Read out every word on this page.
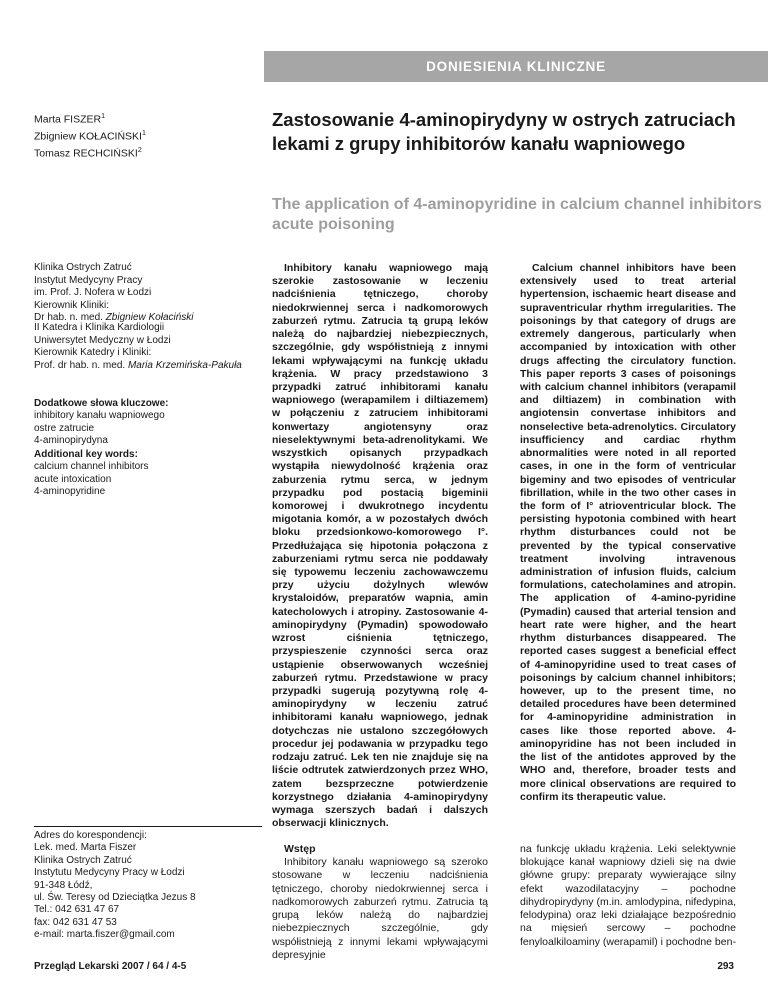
DONIESIENIA KLINICZNE
Marta FISZER$^1$
Zbigniew KOŁACIŃSKI$^1$
Tomasz RECHCIŃSKI$^2$
Zastosowanie 4-aminopirydyny w ostrych zatruciach lekami z grupy inhibitorów kanału wapniowego
The application of 4-aminopyridine in calcium channel inhibitors acute poisoning
Klinika Ostrych Zatruć
Instytut Medycyny Pracy
im. Prof. J. Nofera w Łodzi
Kierownik Kliniki:
Dr hab. n. med. Zbigniew Kołaciński
II Katedra i Klinika Kardiologii
Uniwersytet Medyczny w Łodzi
Kierownik Katedry i Kliniki:
Prof. dr hab. n. med. Maria Krzemińska-Pakuła
Dodatkowe słowa kluczowe:
inhibitory kanału wapniowego
ostre zatrucie
4-aminopirydyna
Additional key words:
calcium channel inhibitors
acute intoxication
4-aminopyridine

Inhibitory kanału wapniowego mają szerokie zastosowanie w leczeniu nadciśnienia tętniczego, choroby niedokrwiennej serca i nadkomorowych zaburzeń rytmu. Zatrucia tą grupą leków należą do najbardziej niebezpiecznych, szczególnie, gdy współistnieją z innymi lekami wpływającymi na funkcję układu krążenia. W pracy przedstawiono 3 przypadki zatruć inhibitorami kanału wapniowego (werapamilem i diltiazemem) w połączeniu z zatruciem inhibitorami konwertazy angiotensyny oraz nieselektywnymi beta-adrenolitykami. We wszystkich opisanych przypadkach wystąpiła niewydolność krążenia oraz zaburzenia rytmu serca, w jednym przypadku pod postacią bigeminii komorowej i dwukrotnego incydentu migotania komór, a w pozostałych dwóch bloku przedsionkowo-komorowego I°. Przedłużająca się hipotonia połączona z zaburzeniami rytmu serca nie poddawały się typowemu leczeniu zachowawczemu przy użyciu dożylnych wlewów krystaloidów, preparatów wapnia, amin katecholowych i atropiny. Zastosowanie 4-aminopirydyny (Pymadin) spowodowało wzrost ciśnienia tętniczego, przyspieszenie czynności serca oraz ustąpienie obserwowanych wcześniej zaburzeń rytmu. Przedstawione w pracy przypadki sugerują pozytywną rolę 4-aminopirydyny w leczeniu zatruć inhibitorami kanału wapniowego, jednak dotychczas nie ustalono szczegółowych procedur jej podawania w przypadku tego rodzaju zatruć. Lek ten nie znajduje się na liście odtrutek zatwierdzonych przez WHO, zatem bezsprzeczne potwierdzenie korzystnego działania 4-aminopirydyny wymaga szerszych badań i dalszych obserwacji klinicznych.

Calcium channel inhibitors have been extensively used to treat arterial hypertension, ischaemic heart disease and supraventricular rhythm irregularities. The poisonings by that category of drugs are extremely dangerous, particularly when accompanied by intoxication with other drugs affecting the circulatory function. This paper reports 3 cases of poisonings with calcium channel inhibitors (verapamil and diltiazem) in combination with angiotensin convertase inhibitors and nonselective beta-adrenolytics. Circulatory insufficiency and cardiac rhythm abnormalities were noted in all reported cases, in one in the form of ventricular bigeminy and two episodes of ventricular fibrillation, while in the two other cases in the form of I° atrioventricular block. The persisting hypotonia combined with heart rhythm disturbances could not be prevented by the typical conservative treatment involving intravenous administration of infusion fluids, calcium formulations, catecholamines and atropin. The application of 4-amino-pyridine (Pymadin) caused that arterial tension and heart rate were higher, and the heart rhythm disturbances disappeared. The reported cases suggest a beneficial effect of 4-aminopyridine used to treat cases of poisonings by calcium channel inhibitors; however, up to the present time, no detailed procedures have been determined for 4-aminopyridine administration in cases like those reported above. 4-aminopyridine has not been included in the list of the antidotes approved by the WHO and, therefore, broader tests and more clinical observations are required to confirm its therapeutic value.

Adres do korespondencji:
Lek. med. Marta Fiszer
Klinika Ostrych Zatruć
Instytutu Medycyny Pracy w Łodzi
91-348 Łódź,
ul. Św. Teresy od Dzieciątka Jezus 8
Tel.: 042 631 47 67
fax: 042 631 47 53
e-mail: marta.fiszer@gmail.com
Wstęp
Inhibitory kanału wapniowego są szeroko stosowane w leczeniu nadciśnienia tętniczego, choroby niedokrwiennej serca i nadkomorowych zaburzeń rytmu. Zatrucia tą grupą leków należą do najbardziej niebezpiecznych szczególnie, gdy współistnieją z innymi lekami wpływającymi depresyjnie

na funkcję układu krążenia. Leki selektywnie blokujące kanał wapniowy dzieli się na dwie główne grupy: preparaty wywierające silny efekt wazodilatacyjny – pochodne dihydropirydyny (m.in. amlodypina, nifedypina, felodypina) oraz leki działające bezpośrednio na mięsień sercowy – pochodne fenyloalkiloaminy (werapamil) i pochodne ben-

Przegląd Lekarski 2007 / 64 / 4-5	293
